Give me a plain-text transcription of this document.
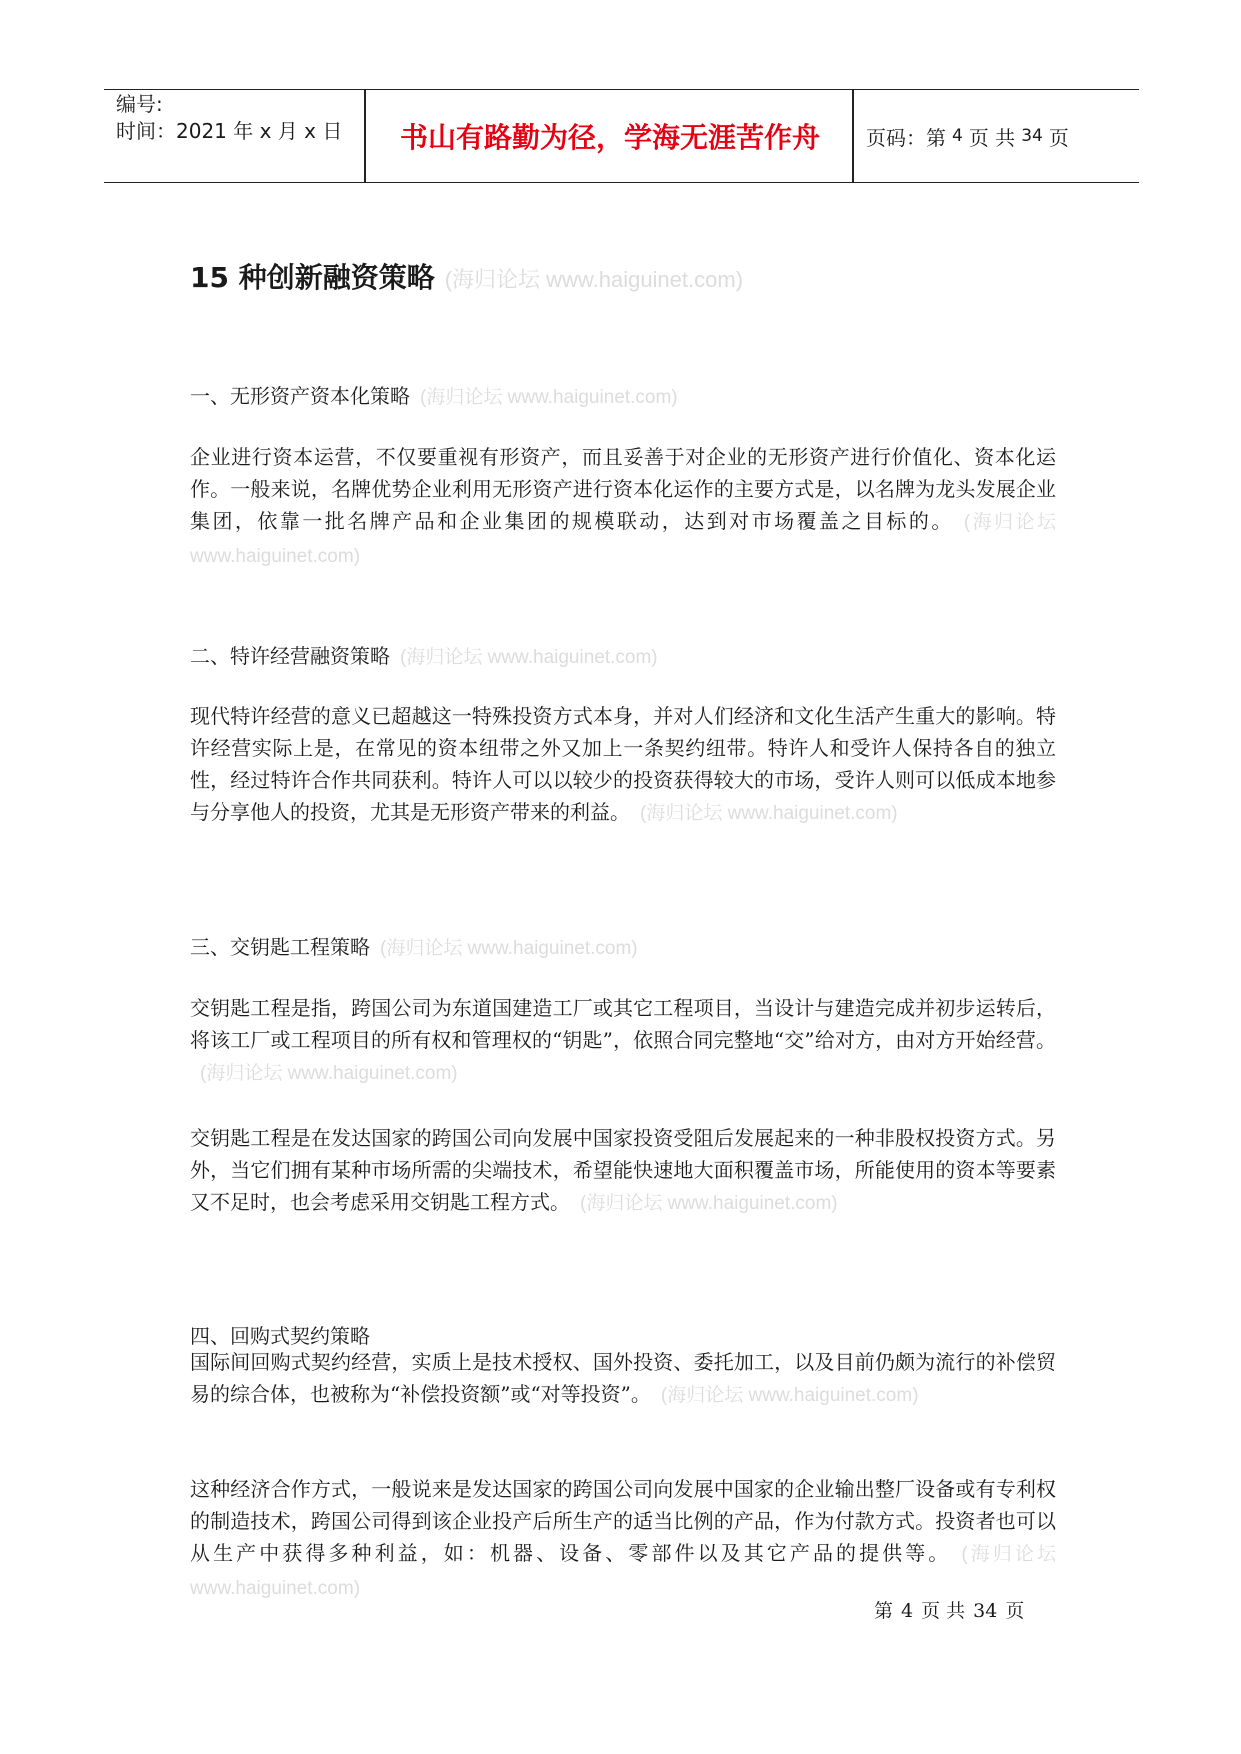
编号:
时间：2021 年 x 月 x 日	书山有路勤为径，学海无涯苦作舟	页码：第 4 页 共 34 页
15 种创新融资策略 (海归论坛 www.haiguinet.com)
一、无形资产资本化策略 (海归论坛 www.haiguinet.com)
企业进行资本运营，不仅要重视有形资产，而且妥善于对企业的无形资产进行价值化、资本化运作。一般来说，名牌优势企业利用无形资产进行资本化运作的主要方式是，以名牌为龙头发展企业集团，依靠一批名牌产品和企业集团的规模联动，达到对市场覆盖之目标的。 (海归论坛 www.haiguinet.com)
二、特许经营融资策略 (海归论坛 www.haiguinet.com)
现代特许经营的意义已超越这一特殊投资方式本身，并对人们经济和文化生活产生重大的影响。特许经营实际上是，在常见的资本纽带之外又加上一条契约纽带。特许人和受许人保持各自的独立性，经过特许合作共同获利。特许人可以以较少的投资获得较大的市场，受许人则可以低成本地参与分享他人的投资，尤其是无形资产带来的利益。 (海归论坛 www.haiguinet.com)
三、交钥匙工程策略 (海归论坛 www.haiguinet.com)
交钥匙工程是指，跨国公司为东道国建造工厂或其它工程项目，当设计与建造完成并初步运转后，将该工厂或工程项目的所有权和管理权的“钥匙”，依照合同完整地“交”给对方，由对方开始经营。(海归论坛 www.haiguinet.com)
交钥匙工程是在发达国家的跨国公司向发展中国家投资受阻后发展起来的一种非股权投资方式。另外，当它们拥有某种市场所需的尖端技术，希望能快速地大面积覆盖市场，所能使用的资本等要素又不足时，也会考虑采用交钥匙工程方式。 (海归论坛 www.haiguinet.com)
四、回购式契约策略
国际间回购式契约经营，实质上是技术授权、国外投资、委托加工，以及目前仍颇为流行的补偿贸易的综合体，也被称为“补偿投资额”或“对等投资”。 (海归论坛 www.haiguinet.com)
这种经济合作方式，一般说来是发达国家的跨国公司向发展中国家的企业输出整厂设备或有专利权的制造技术，跨国公司得到该企业投产后所生产的适当比例的产品，作为付款方式。投资者也可以从生产中获得多种利益，如：机器、设备、零部件以及其它产品的提供等。 (海归论坛 www.haiguinet.com)
第 4 页 共 34 页
